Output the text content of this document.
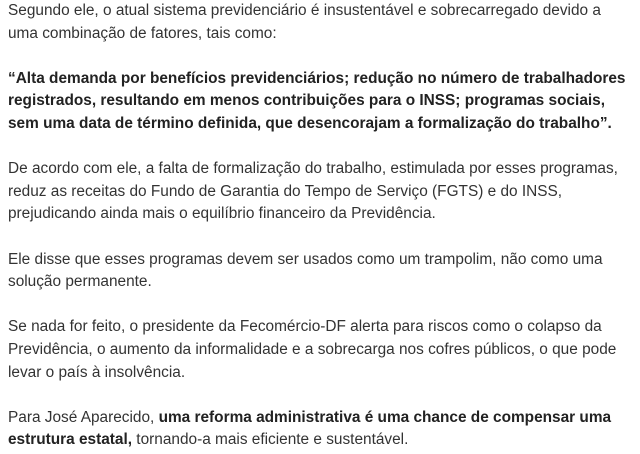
Segundo ele, o atual sistema previdenciário é insustentável e sobrecarregado devido a uma combinação de fatores, tais como:

“Alta demanda por benefícios previdenciários; redução no número de trabalhadores registrados, resultando em menos contribuições para o INSS; programas sociais, sem uma data de término definida, que desencorajam a formalização do trabalho”.

De acordo com ele, a falta de formalização do trabalho, estimulada por esses programas, reduz as receitas do Fundo de Garantia do Tempo de Serviço (FGTS) e do INSS, prejudicando ainda mais o equilíbrio financeiro da Previdência.

Ele disse que esses programas devem ser usados como um trampolim, não como uma solução permanente.

Se nada for feito, o presidente da Fecomércio-DF alerta para riscos como o colapso da Previdência, o aumento da informalidade e a sobrecarga nos cofres públicos, o que pode levar o país à insolvência.

Para José Aparecido, uma reforma administrativa é uma chance de compensar uma estrutura estatal, tornando-a mais eficiente e sustentável.
